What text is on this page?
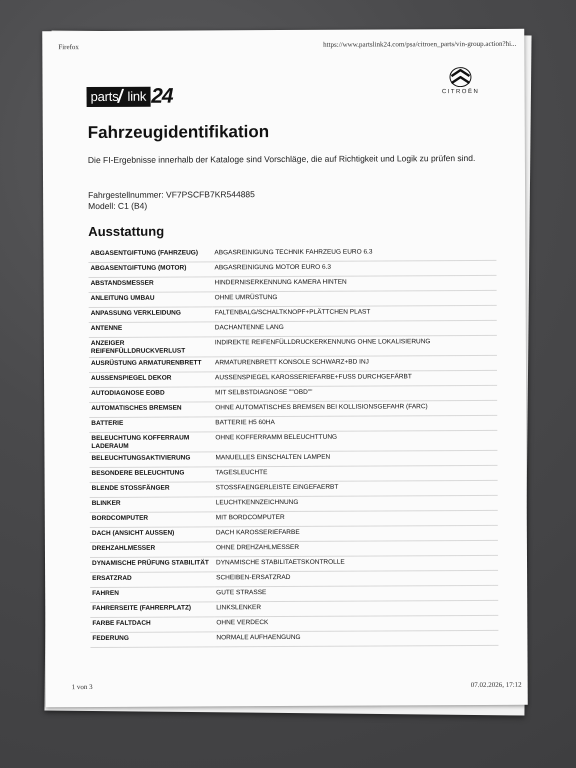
Firefox	https://www.partslink24.com/psa/citroen_parts/vin-group.action?hi...
parts link 24	CITROËN
Fahrzeugidentifikation
Die FI-Ergebnisse innerhalb der Kataloge sind Vorschläge, die auf Richtigkeit und Logik zu prüfen sind.
Fahrgestellnummer: VF7PSCFB7KR544885
Modell: C1 (B4)
Ausstattung
ABGASENTGIFTUNG (FAHRZEUG)	ABGASREINIGUNG TECHNIK FAHRZEUG EURO 6.3
ABGASENTGIFTUNG (MOTOR)	ABGASREINIGUNG MOTOR EURO 6.3
ABSTANDSMESSER	HINDERNISERKENNUNG KAMERA HINTEN
ANLEITUNG UMBAU	OHNE UMRÜSTUNG
ANPASSUNG VERKLEIDUNG	FALTENBALG/SCHALTKNOPF+PLÄTTCHEN PLAST
ANTENNE	DACHANTENNE LANG
ANZEIGER REIFENFÜLLDRUCKVERLUST	INDIREKTE REIFENFÜLLDRUCKERKENNUNG OHNE LOKALISIERUNG
AUSRÜSTUNG ARMATURENBRETT	ARMATURENBRETT KONSOLE SCHWARZ+BD INJ
AUSSENSPIEGEL DEKOR	AUSSENSPIEGEL KAROSSERIEFARBE+FUSS DURCHGEFÄRBT
AUTODIAGNOSE EOBD	MIT SELBSTDIAGNOSE ""OBD""
AUTOMATISCHES BREMSEN	OHNE AUTOMATISCHES BREMSEN BEI KOLLISIONSGEFAHR (FARC)
BATTERIE	BATTERIE H5 60HA
BELEUCHTUNG KOFFERRAUM LADERAUM	OHNE KOFFERRAMM BELEUCHTTUNG
BELEUCHTUNGSAKTIVIERUNG	MANUELLES EINSCHALTEN LAMPEN
BESONDERE BELEUCHTUNG	TAGESLEUCHTE
BLENDE STOSSFÄNGER	STOSSFAENGERLEISTE EINGEFAERBT
BLINKER	LEUCHTKENNZEICHNUNG
BORDCOMPUTER	MIT BORDCOMPUTER
DACH (ANSICHT AUSSEN)	DACH KAROSSERIEFARBE
DREHZAHLMESSER	OHNE DREHZAHLMESSER
DYNAMISCHE PRÜFUNG STABILITÄT	DYNAMISCHE STABILITAETSKONTROLLE
ERSATZRAD	SCHEIBEN-ERSATZRAD
FAHREN	GUTE STRASSE
FAHRERSEITE (FAHRERPLATZ)	LINKSLENKER
FARBE FALTDACH	OHNE VERDECK
FEDERUNG	NORMALE AUFHAENGUNG
1 von 3	07.02.2026, 17:12
